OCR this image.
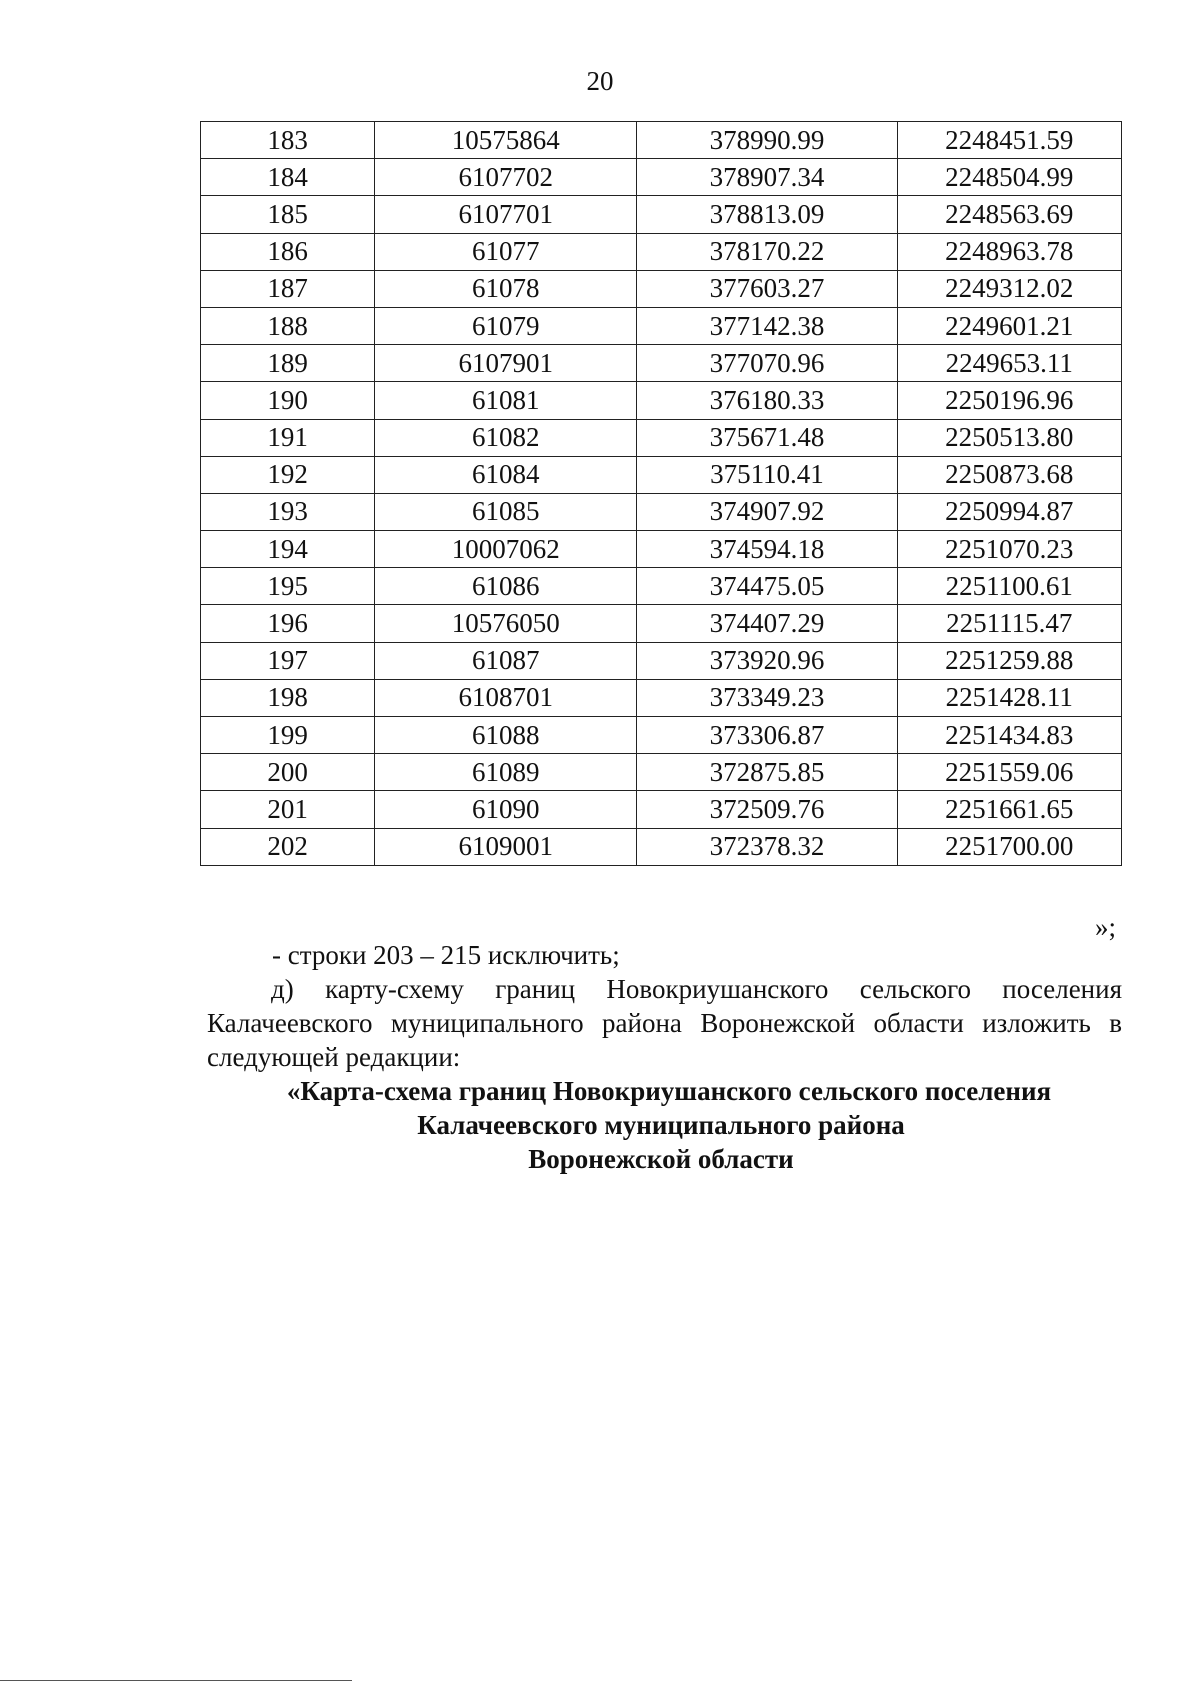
20
183	10575864	378990.99	2248451.59
184	6107702	378907.34	2248504.99
185	6107701	378813.09	2248563.69
186	61077	378170.22	2248963.78
187	61078	377603.27	2249312.02
188	61079	377142.38	2249601.21
189	6107901	377070.96	2249653.11
190	61081	376180.33	2250196.96
191	61082	375671.48	2250513.80
192	61084	375110.41	2250873.68
193	61085	374907.92	2250994.87
194	10007062	374594.18	2251070.23
195	61086	374475.05	2251100.61
196	10576050	374407.29	2251115.47
197	61087	373920.96	2251259.88
198	6108701	373349.23	2251428.11
199	61088	373306.87	2251434.83
200	61089	372875.85	2251559.06
201	61090	372509.76	2251661.65
202	6109001	372378.32	2251700.00
»;
- строки 203 – 215 исключить;
д) карту-схему границ Новокриушанского сельского поселения Калачеевского муниципального района Воронежской области изложить в следующей редакции:
«Карта-схема границ Новокриушанского сельского поселения
Калачеевского муниципального района
Воронежской области
